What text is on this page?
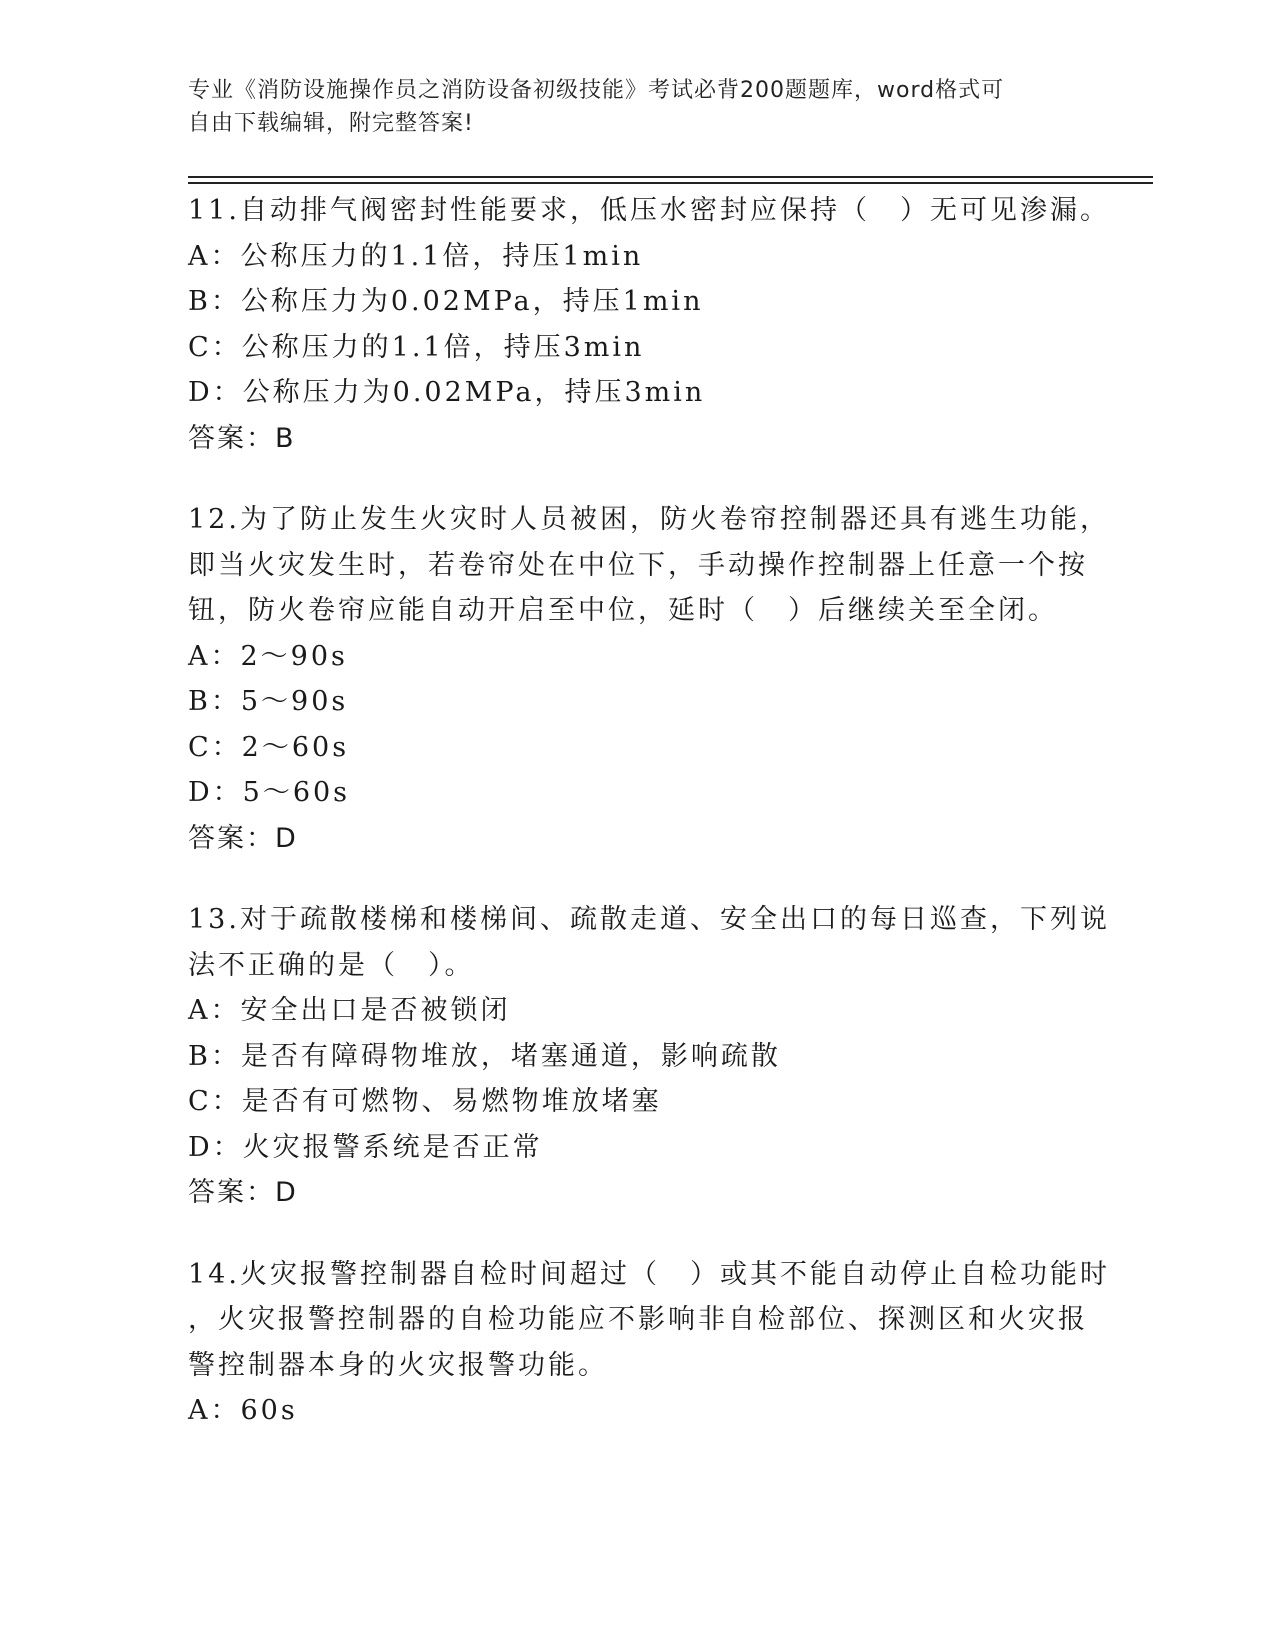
专业《消防设施操作员之消防设备初级技能》考试必背200题题库，word格式可
自由下载编辑，附完整答案!
11.自动排气阀密封性能要求，低压水密封应保持（　）无可见渗漏。
A：公称压力的1.1倍，持压1min
B：公称压力为0.02MPa，持压1min
C：公称压力的1.1倍，持压3min
D：公称压力为0.02MPa，持压3min
答案：B
12.为了防止发生火灾时人员被困，防火卷帘控制器还具有逃生功能，
即当火灾发生时，若卷帘处在中位下，手动操作控制器上任意一个按
钮，防火卷帘应能自动开启至中位，延时（　）后继续关至全闭。
A：2～90s
B：5～90s
C：2～60s
D：5～60s
答案：D
13.对于疏散楼梯和楼梯间、疏散走道、安全出口的每日巡查，下列说
法不正确的是（　）。
A：安全出口是否被锁闭
B：是否有障碍物堆放，堵塞通道，影响疏散
C：是否有可燃物、易燃物堆放堵塞
D：火灾报警系统是否正常
答案：D
14.火灾报警控制器自检时间超过（　）或其不能自动停止自检功能时
，火灾报警控制器的自检功能应不影响非自检部位、探测区和火灾报
警控制器本身的火灾报警功能。
A：60s
